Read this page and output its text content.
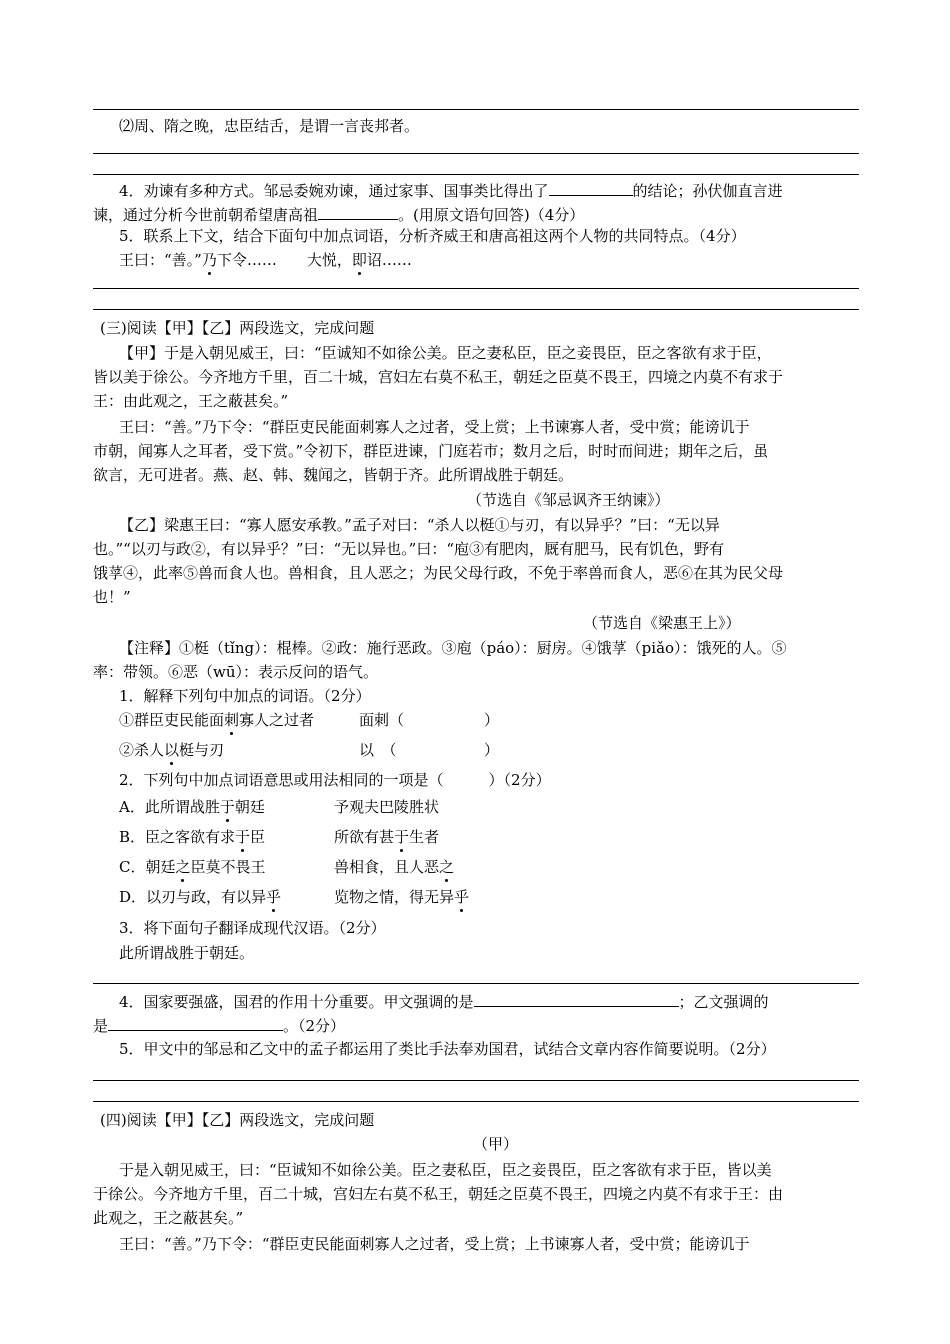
⑵周、隋之晚，忠臣结舌，是谓一言丧邦者。
4．劝谏有多种方式。邹忌委婉劝谏，通过家事、国事类比得出了	的结论；孙伏伽直言进
谏，通过分析今世前朝希望唐高祖	。(用原文语句回答)（4分）
5．联系上下文，结合下面句中加点词语，分析齐威王和唐高祖这两个人物的共同特点。（4分）
王曰：“善。”乃下令…… 大悦，即诏……
(三)阅读【甲】【乙】两段选文，完成问题
【甲】于是入朝见威王，曰：“臣诚知不如徐公美。臣之妻私臣，臣之妾畏臣，臣之客欲有求于臣，
皆以美于徐公。今齐地方千里，百二十城，宫妇左右莫不私王，朝廷之臣莫不畏王，四境之内莫不有求于
王：由此观之，王之蔽甚矣。”
王曰：“善。”乃下令：“群臣吏民能面刺寡人之过者，受上赏；上书谏寡人者，受中赏；能谤讥于
市朝，闻寡人之耳者，受下赏。”令初下，群臣进谏，门庭若市；数月之后，时时而间进；期年之后，虽
欲言，无可进者。燕、赵、韩、魏闻之，皆朝于齐。此所谓战胜于朝廷。
（节选自《邹忌讽齐王纳谏》）
【乙】梁惠王曰：“寡人愿安承教。”孟子对曰：“杀人以梃①与刃，有以异乎？”曰：“无以异
也。”“以刃与政②，有以异乎？”曰：“无以异也。”曰：“庖③有肥肉，厩有肥马，民有饥色，野有
饿莩④，此率⑤兽而食人也。兽相食，且人恶之；为民父母行政，不免于率兽而食人，恶⑥在其为民父母
也！”
（节选自《梁惠王上》）
【注释】①梃（tǐng）：棍棒。②政：施行恶政。③庖（páo）：厨房。④饿莩（piǎo）：饿死的人。⑤
率：带领。⑥恶（wū）：表示反问的语气。
1．解释下列句中加点的词语。（2分）
①群臣吏民能面刺寡人之过者	面刺（	）
②杀人以梃与刃	以　（	）
2．下列句中加点词语意思或用法相同的一项是（　　　）（2分）
A．此所谓战胜于朝廷	予观夫巴陵胜状
B．臣之客欲有求于臣	所欲有甚于生者
C．朝廷之臣莫不畏王	兽相食，且人恶之
D．以刃与政，有以异乎	览物之情，得无异乎
3．将下面句子翻译成现代汉语。（2分）
此所谓战胜于朝廷。
4．国家要强盛，国君的作用十分重要。甲文强调的是	；乙文强调的
是	。（2分）
5．甲文中的邹忌和乙文中的孟子都运用了类比手法奉劝国君，试结合文章内容作简要说明。（2分）
(四)阅读【甲】【乙】两段选文，完成问题
（甲）
于是入朝见威王，曰：“臣诚知不如徐公美。臣之妻私臣，臣之妾畏臣，臣之客欲有求于臣，皆以美
于徐公。今齐地方千里，百二十城，宫妇左右莫不私王，朝廷之臣莫不畏王，四境之内莫不有求于王：由
此观之，王之蔽甚矣。”
王曰：“善。”乃下令：“群臣吏民能面刺寡人之过者，受上赏；上书谏寡人者，受中赏；能谤讥于
